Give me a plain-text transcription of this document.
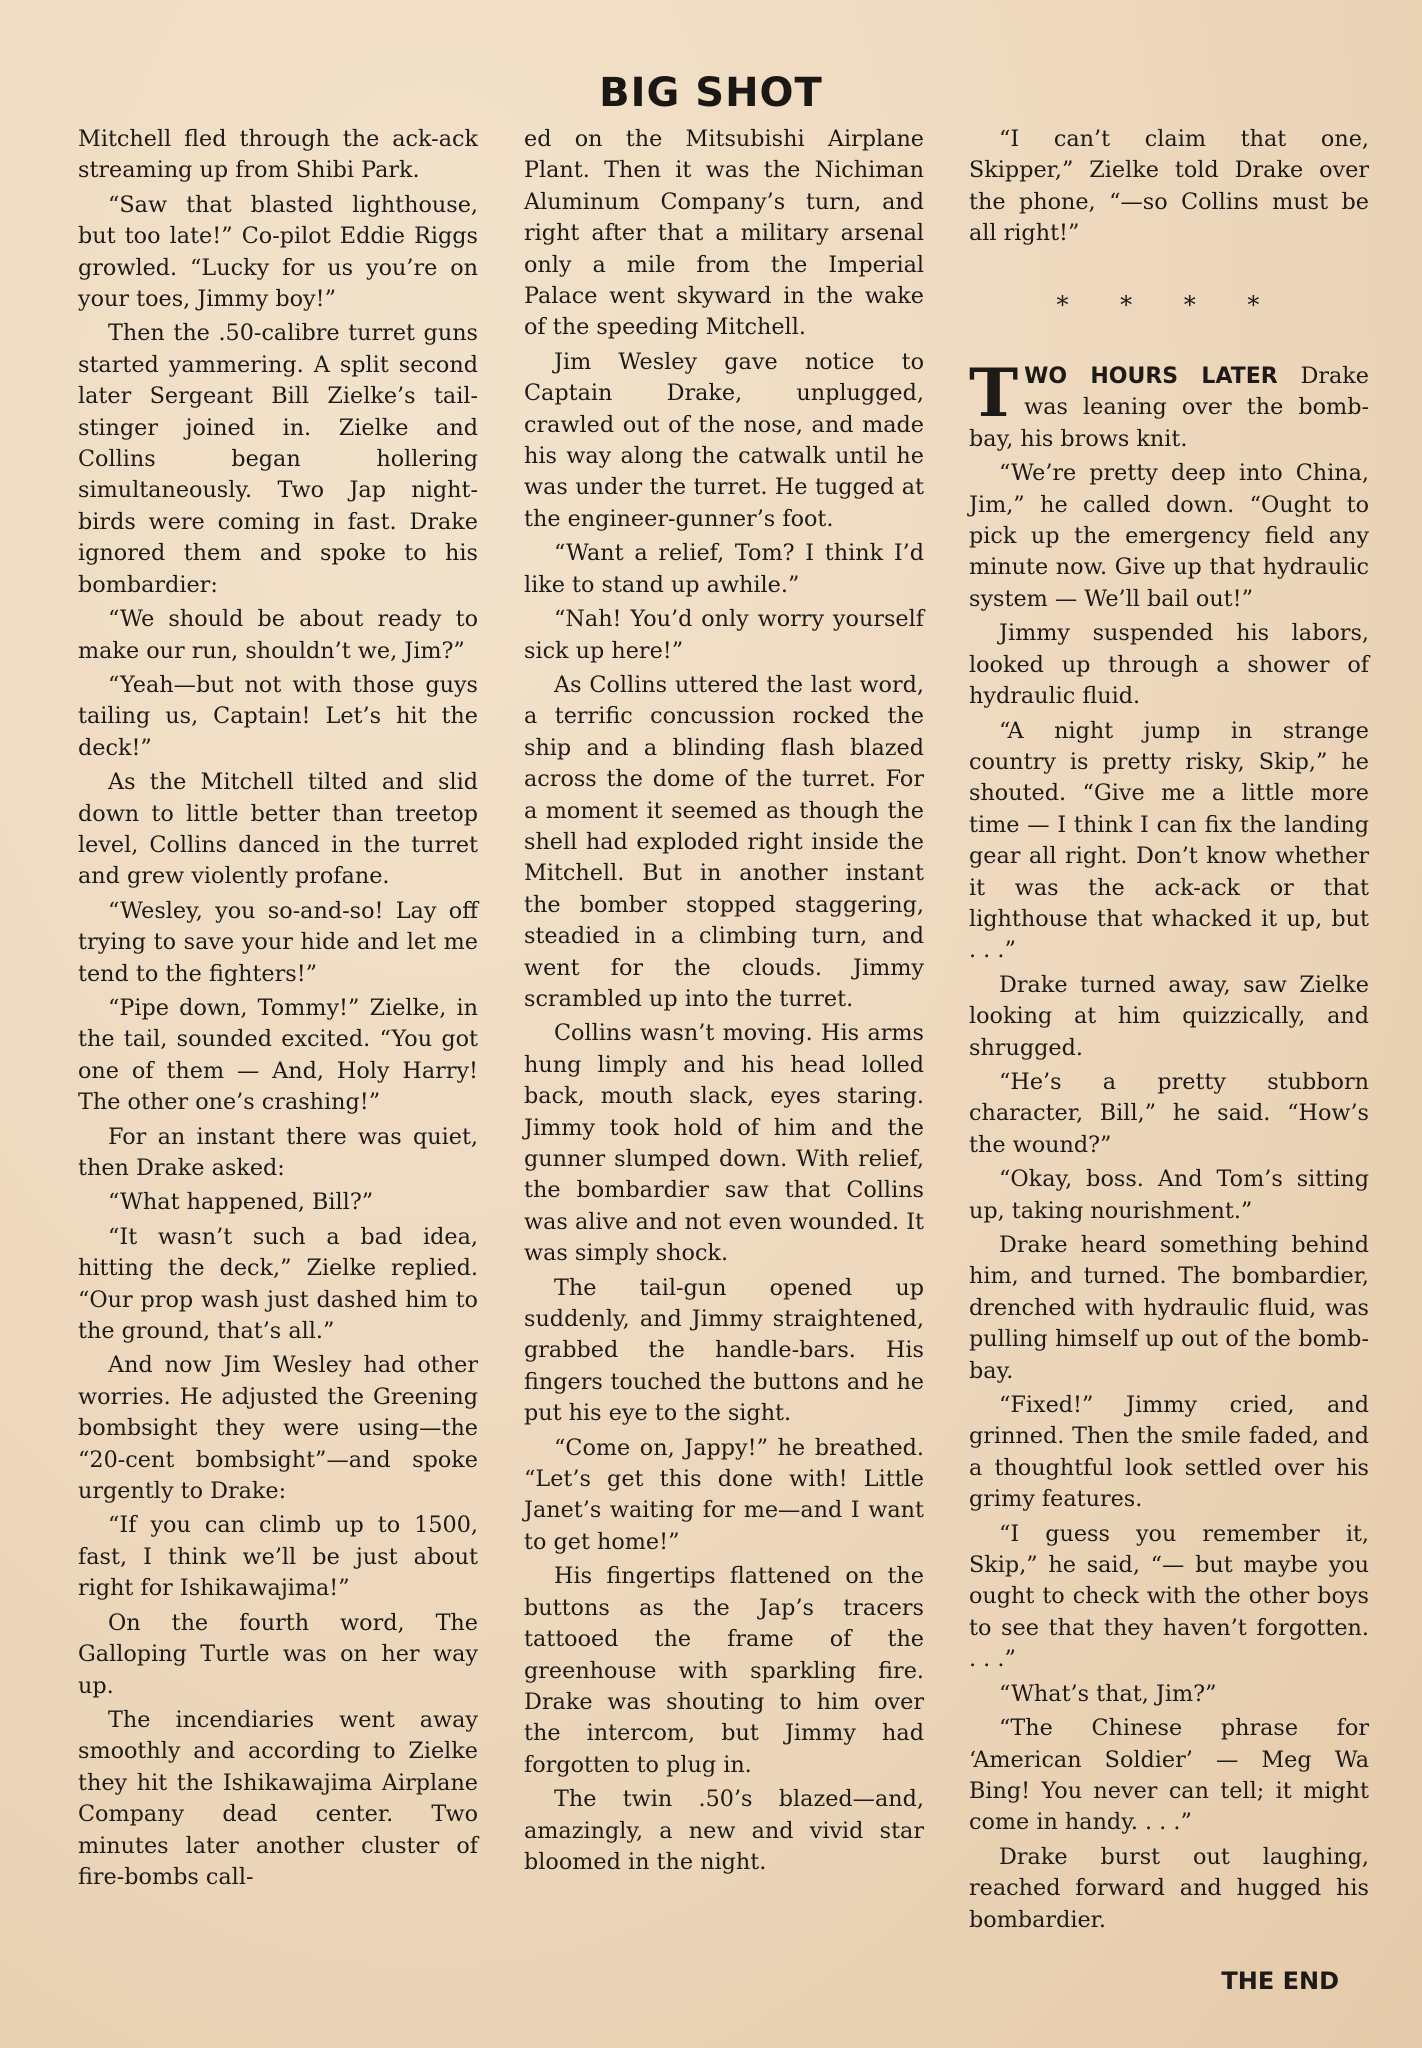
BIG SHOT

Mitchell fled through the ack-ack streaming up from Shibi Park.

“Saw that blasted lighthouse, but too late!” Co-pilot Eddie Riggs growled. “Lucky for us you’re on your toes, Jimmy boy!”

Then the .50-calibre turret guns started yammering. A split second later Sergeant Bill Zielke’s tail-stinger joined in. Zielke and Collins began hollering simultaneously. Two Jap night-birds were coming in fast. Drake ignored them and spoke to his bombardier:

“We should be about ready to make our run, shouldn’t we, Jim?”

“Yeah—but not with those guys tailing us, Captain! Let’s hit the deck!”

As the Mitchell tilted and slid down to little better than treetop level, Collins danced in the turret and grew violently profane.

“Wesley, you so-and-so! Lay off trying to save your hide and let me tend to the fighters!”

“Pipe down, Tommy!” Zielke, in the tail, sounded excited. “You got one of them — And, Holy Harry! The other one’s crashing!”

For an instant there was quiet, then Drake asked:

“What happened, Bill?”

“It wasn’t such a bad idea, hitting the deck,” Zielke replied. “Our prop wash just dashed him to the ground, that’s all.”

And now Jim Wesley had other worries. He adjusted the Greening bombsight they were using—the “20-cent bombsight”—and spoke urgently to Drake:

“If you can climb up to 1500, fast, I think we’ll be just about right for Ishikawajima!”

On the fourth word, The Galloping Turtle was on her way up.

The incendiaries went away smoothly and according to Zielke they hit the Ishikawajima Airplane Company dead center. Two minutes later another cluster of fire-bombs call-

ed on the Mitsubishi Airplane Plant. Then it was the Nichiman Aluminum Company’s turn, and right after that a military arsenal only a mile from the Imperial Palace went skyward in the wake of the speeding Mitchell.

Jim Wesley gave notice to Captain Drake, unplugged, crawled out of the nose, and made his way along the catwalk until he was under the turret. He tugged at the engineer-gunner’s foot.

“Want a relief, Tom? I think I’d like to stand up awhile.”

“Nah! You’d only worry yourself sick up here!”

As Collins uttered the last word, a terrific concussion rocked the ship and a blinding flash blazed across the dome of the turret. For a moment it seemed as though the shell had exploded right inside the Mitchell. But in another instant the bomber stopped staggering, steadied in a climbing turn, and went for the clouds. Jimmy scrambled up into the turret.

Collins wasn’t moving. His arms hung limply and his head lolled back, mouth slack, eyes staring. Jimmy took hold of him and the gunner slumped down. With relief, the bombardier saw that Collins was alive and not even wounded. It was simply shock.

The tail-gun opened up suddenly, and Jimmy straightened, grabbed the handle-bars. His fingers touched the buttons and he put his eye to the sight.

“Come on, Jappy!” he breathed. “Let’s get this done with! Little Janet’s waiting for me—and I want to get home!”

His fingertips flattened on the buttons as the Jap’s tracers tattooed the frame of the greenhouse with sparkling fire. Drake was shouting to him over the intercom, but Jimmy had forgotten to plug in.

The twin .50’s blazed—and, amazingly, a new and vivid star bloomed in the night.

“I can’t claim that one, Skipper,” Zielke told Drake over the phone, “—so Collins must be all right!”

* * * *

TWO HOURS LATER Drake was leaning over the bomb-bay, his brows knit.

“We’re pretty deep into China, Jim,” he called down. “Ought to pick up the emergency field any minute now. Give up that hydraulic system — We’ll bail out!”

Jimmy suspended his labors, looked up through a shower of hydraulic fluid.

“A night jump in strange country is pretty risky, Skip,” he shouted. “Give me a little more time — I think I can fix the landing gear all right. Don’t know whether it was the ack-ack or that lighthouse that whacked it up, but . . .”

Drake turned away, saw Zielke looking at him quizzically, and shrugged.

“He’s a pretty stubborn character, Bill,” he said. “How’s the wound?”

“Okay, boss. And Tom’s sitting up, taking nourishment.”

Drake heard something behind him, and turned. The bombardier, drenched with hydraulic fluid, was pulling himself up out of the bomb-bay.

“Fixed!” Jimmy cried, and grinned. Then the smile faded, and a thoughtful look settled over his grimy features.

“I guess you remember it, Skip,” he said, “— but maybe you ought to check with the other boys to see that they haven’t forgotten. . . .”

“What’s that, Jim?”

“The Chinese phrase for ‘American Soldier’ — Meg Wa Bing! You never can tell; it might come in handy. . . .”

Drake burst out laughing, reached forward and hugged his bombardier.

THE END
